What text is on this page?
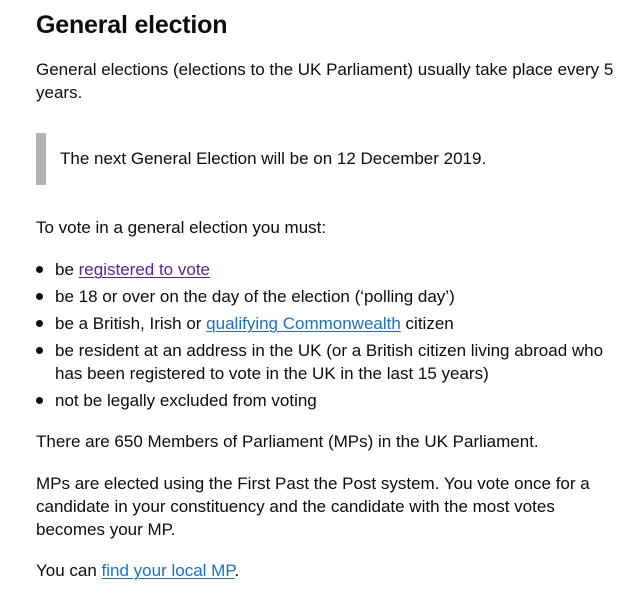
General election

General elections (elections to the UK Parliament) usually take place every 5 years.

The next General Election will be on 12 December 2019.

To vote in a general election you must:

be registered to vote
be 18 or over on the day of the election (‘polling day’)
be a British, Irish or qualifying Commonwealth citizen
be resident at an address in the UK (or a British citizen living abroad who has been registered to vote in the UK in the last 15 years)
not be legally excluded from voting

There are 650 Members of Parliament (MPs) in the UK Parliament.

MPs are elected using the First Past the Post system. You vote once for a candidate in your constituency and the candidate with the most votes becomes your MP.

You can find your local MP.
